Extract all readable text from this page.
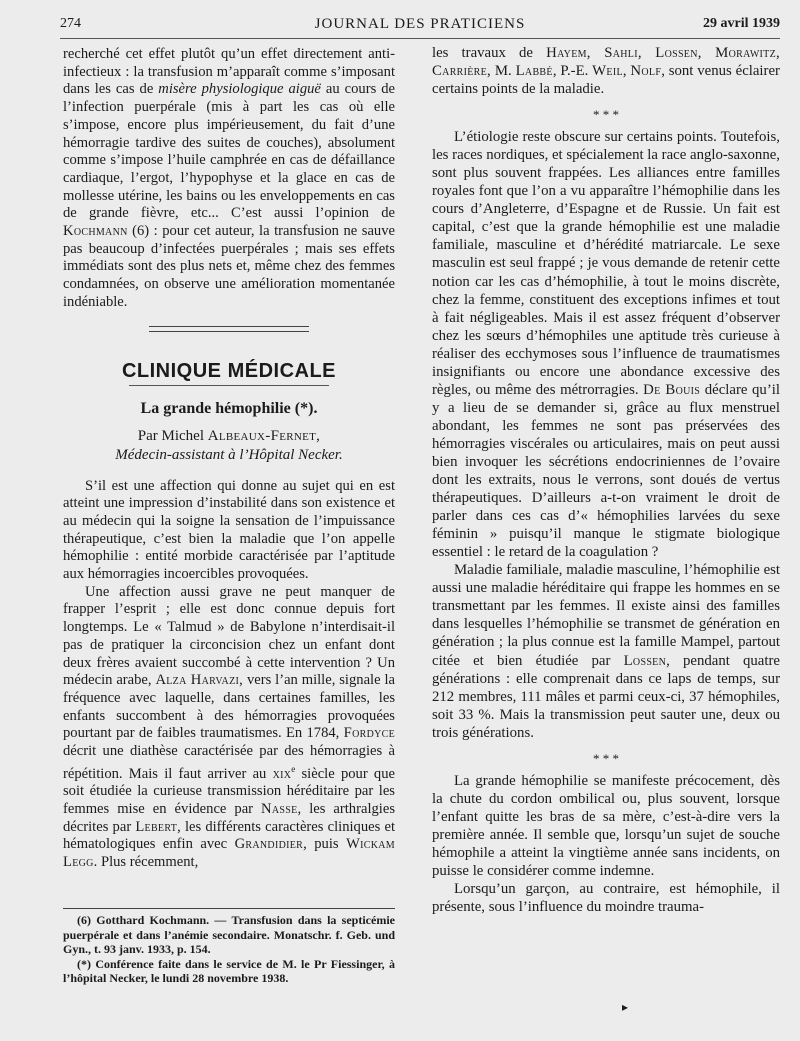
274	JOURNAL DES PRATICIENS	29 avril 1939

recherché cet effet plutôt qu’un effet directement anti-infectieux : la transfusion m’apparaît comme s’imposant dans les cas de misère physiologique aiguë au cours de l’infection puerpérale (mis à part les cas où elle s’impose, encore plus impérieusement, du fait d’une hémorragie tardive des suites de couches), absolument comme s’impose l’huile camphrée en cas de défaillance cardiaque, l’ergot, l’hypophyse et la glace en cas de mollesse utérine, les bains ou les enveloppements en cas de grande fièvre, etc... C’est aussi l’opinion de Kochmann (6) : pour cet auteur, la transfusion ne sauve pas beaucoup d’infectées puerpérales ; mais ses effets immédiats sont des plus nets et, même chez des femmes condamnées, on observe une amélioration momentanée indéniable.

CLINIQUE MÉDICALE
La grande hémophilie (*).
Par Michel Albeaux-Fernet,
Médecin-assistant à l’Hôpital Necker.

S’il est une affection qui donne au sujet qui en est atteint une impression d’instabilité dans son existence et au médecin qui la soigne la sensation de l’impuissance thérapeutique, c’est bien la maladie que l’on appelle hémophilie : entité morbide caractérisée par l’aptitude aux hémorragies incoercibles provoquées.

Une affection aussi grave ne peut manquer de frapper l’esprit ; elle est donc connue depuis fort longtemps. Le « Talmud » de Babylone n’interdisait-il pas de pratiquer la circoncision chez un enfant dont deux frères avaient succombé à cette intervention ? Un médecin arabe, Alza Harvazi, vers l’an mille, signale la fréquence avec laquelle, dans certaines familles, les enfants succombent à des hémorragies provoquées pourtant par de faibles traumatismes. En 1784, Fordyce décrit une diathèse caractérisée par des hémorragies à répétition. Mais il faut arriver au xix$^e$ siècle pour que soit étudiée la curieuse transmission héréditaire par les femmes mise en évidence par Nasse, les arthralgies décrites par Lebert, les différents caractères cliniques et hématologiques enfin avec Grandidier, puis Wickam Legg. Plus récemment,

(6) Gotthard Kochmann. — Transfusion dans la septicémie puerpérale et dans l’anémie secondaire. Monatschr. f. Geb. und Gyn., t. 93 janv. 1933, p. 154.

(*) Conférence faite dans le service de M. le Pr Fiessinger, à l’hôpital Necker, le lundi 28 novembre 1938.

les travaux de Hayem, Sahli, Lossen, Morawitz, Carrière, M. Labbé, P.-E. Weil, Nolf, sont venus éclairer certains points de la maladie.

* * *

L’étiologie reste obscure sur certains points. Toutefois, les races nordiques, et spécialement la race anglo-saxonne, sont plus souvent frappées. Les alliances entre familles royales font que l’on a vu apparaître l’hémophilie dans les cours d’Angleterre, d’Espagne et de Russie. Un fait est capital, c’est que la grande hémophilie est une maladie familiale, masculine et d’hérédité matriarcale. Le sexe masculin est seul frappé ; je vous demande de retenir cette notion car les cas d’hémophilie, à tout le moins discrète, chez la femme, constituent des exceptions infimes et tout à fait négligeables. Mais il est assez fréquent d’observer chez les sœurs d’hémophiles une aptitude très curieuse à réaliser des ecchymoses sous l’influence de traumatismes insignifiants ou encore une abondance excessive des règles, ou même des métrorragies. De Bouis déclare qu’il y a lieu de se demander si, grâce au flux menstruel abondant, les femmes ne sont pas préservées des hémorragies viscérales ou articulaires, mais on peut aussi bien invoquer les sécrétions endocriniennes de l’ovaire dont les extraits, nous le verrons, sont doués de vertus thérapeutiques. D’ailleurs a-t-on vraiment le droit de parler dans ces cas d’« hémophilies larvées du sexe féminin » puisqu’il manque le stigmate biologique essentiel : le retard de la coagulation ?

Maladie familiale, maladie masculine, l’hémophilie est aussi une maladie héréditaire qui frappe les hommes en se transmettant par les femmes. Il existe ainsi des familles dans lesquelles l’hémophilie se transmet de génération en génération ; la plus connue est la famille Mampel, partout citée et bien étudiée par Lossen, pendant quatre générations : elle comprenait dans ce laps de temps, sur 212 membres, 111 mâles et parmi ceux-ci, 37 hémophiles, soit 33 %. Mais la transmission peut sauter une, deux ou trois générations.

* * *

La grande hémophilie se manifeste précocement, dès la chute du cordon ombilical ou, plus souvent, lorsque l’enfant quitte les bras de sa mère, c’est-à-dire vers la première année. Il semble que, lorsqu’un sujet de souche hémophile a atteint la vingtième année sans incidents, on puisse le considérer comme indemne.

Lorsqu’un garçon, au contraire, est hémophile, il présente, sous l’influence du moindre trauma-

▸
